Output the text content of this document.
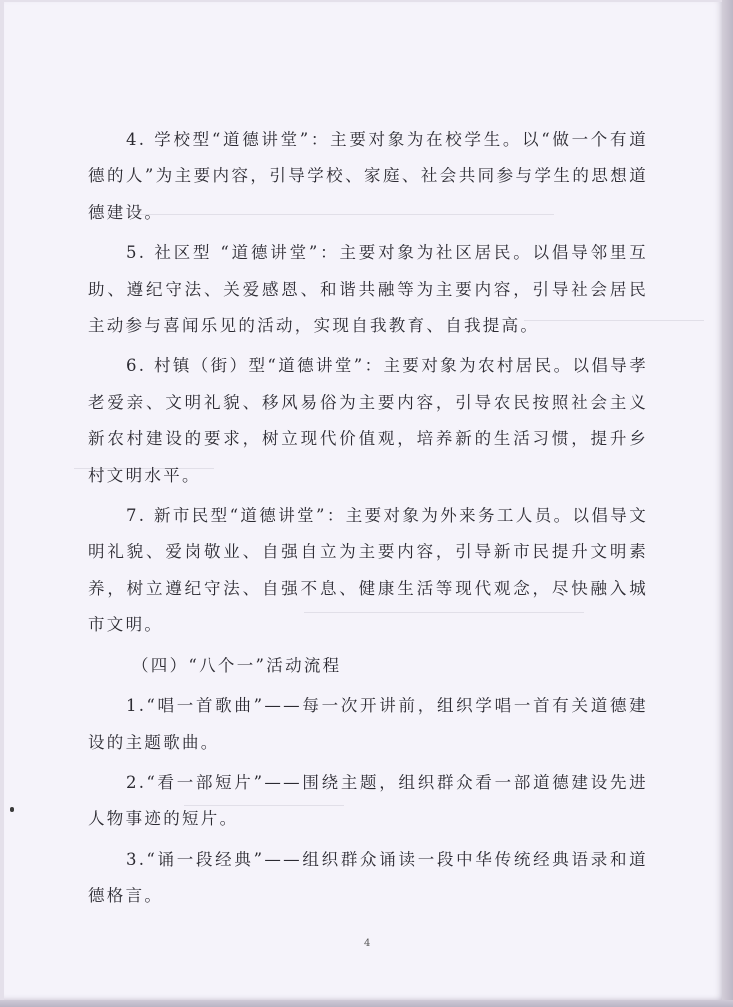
4. 学校型“道德讲堂”：主要对象为在校学生。以“做一个有道德的人”为主要内容，引导学校、家庭、社会共同参与学生的思想道德建设。

5. 社区型 “道德讲堂”：主要对象为社区居民。以倡导邻里互助、遵纪守法、关爱感恩、和谐共融等为主要内容，引导社会居民主动参与喜闻乐见的活动，实现自我教育、自我提高。

6. 村镇（街）型“道德讲堂”：主要对象为农村居民。以倡导孝老爱亲、文明礼貌、移风易俗为主要内容，引导农民按照社会主义新农村建设的要求，树立现代价值观，培养新的生活习惯，提升乡村文明水平。

7. 新市民型“道德讲堂”：主要对象为外来务工人员。以倡导文明礼貌、爱岗敬业、自强自立为主要内容，引导新市民提升文明素养，树立遵纪守法、自强不息、健康生活等现代观念，尽快融入城市文明。

（四）“八个一”活动流程

1.“唱一首歌曲”——每一次开讲前，组织学唱一首有关道德建设的主题歌曲。

2.“看一部短片”——围绕主题，组织群众看一部道德建设先进人物事迹的短片。

3.“诵一段经典”——组织群众诵读一段中华传统经典语录和道德格言。

4
